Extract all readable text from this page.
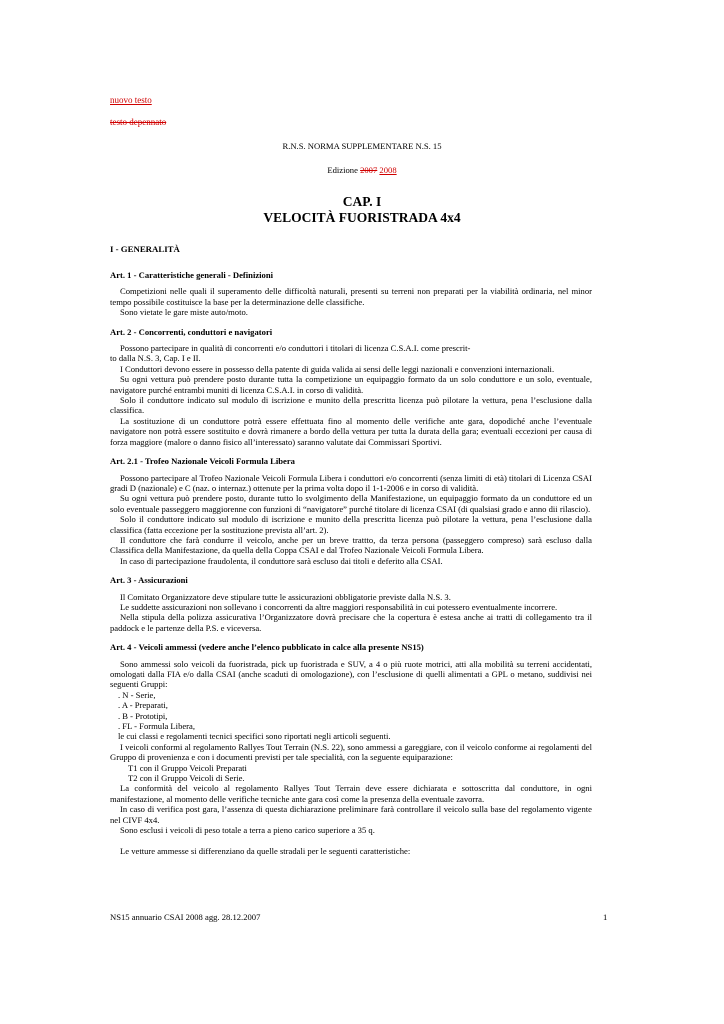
nuovo testo
testo depennato
R.N.S. NORMA SUPPLEMENTARE N.S. 15
Edizione 2007 2008
CAP. I
VELOCITÀ FUORISTRADA 4x4
I - GENERALITÀ

Art. 1 - Caratteristiche generali - Definizioni

Competizioni nelle quali il superamento delle difficoltà naturali, presenti su terreni non preparati per la viabilità ordinaria, nel minor tempo possibile costituisce la base per la determinazione delle classifiche.

Sono vietate le gare miste auto/moto.

Art. 2 - Concorrenti, conduttori e navigatori

Possono partecipare in qualità di concorrenti e/o conduttori i titolari di licenza C.S.A.I. come prescrit-

to dalla N.S. 3, Cap. I e II.

I Conduttori devono essere in possesso della patente di guida valida ai sensi delle leggi nazionali e convenzioni internazionali.

Su ogni vettura può prendere posto durante tutta la competizione un equipaggio formato da un solo conduttore e un solo, eventuale, navigatore purché entrambi muniti di licenza C.S.A.I. in corso di validità.

Solo il conduttore indicato sul modulo di iscrizione e munito della prescritta licenza può pilotare la vettura, pena l’esclusione dalla classifica.

La sostituzione di un conduttore potrà essere effettuata fino al momento delle verifiche ante gara, dopodiché anche l’eventuale navigatore non potrà essere sostituito e dovrà rimanere a bordo della vettura per tutta la durata della gara; eventuali eccezioni per causa di forza maggiore (malore o danno fisico all’interessato) saranno valutate dai Commissari Sportivi.

Art. 2.1 - Trofeo Nazionale Veicoli Formula Libera

Possono partecipare al Trofeo Nazionale Veicoli Formula Libera i conduttori e/o concorrenti (senza limiti di età) titolari di Licenza CSAI gradi D (nazionale) e C (naz. o internaz.) ottenute per la prima volta dopo il 1-1-2006 e in corso di validità.

Su ogni vettura può prendere posto, durante tutto lo svolgimento della Manifestazione, un equipaggio formato da un conduttore ed un solo eventuale passeggero maggiorenne con funzioni di “navigatore” purché titolare di licenza CSAI (di qualsiasi grado e anno dii rilascio).

Solo il conduttore indicato sul modulo di iscrizione e munito della prescritta licenza può pilotare la vettura, pena l’esclusione dalla classifica (fatta eccezione per la sostituzione prevista all’art. 2).

Il conduttore che farà condurre il veicolo, anche per un breve trattto, da terza persona (passeggero compreso) sarà escluso dalla Classifica della Manifestazione, da quella della Coppa CSAI e dal Trofeo Nazionale Veicoli Formula Libera.

In caso di partecipazione fraudolenta, il conduttore sarà escluso dai titoli e deferito alla CSAI.

Art. 3 - Assicurazioni

Il Comitato Organizzatore deve stipulare tutte le assicurazioni obbligatorie previste dalla N.S. 3.

Le suddette assicurazioni non sollevano i concorrenti da altre maggiori responsabilità in cui potessero eventualmente incorrere.

Nella stipula della polizza assicurativa l’Organizzatore dovrà precisare che la copertura è estesa anche ai tratti di collegamento tra il paddock e le partenze della P.S. e viceversa.

Art. 4 - Veicoli ammessi (vedere anche l’elenco pubblicato in calce alla presente NS15)

Sono ammessi solo veicoli da fuoristrada, pick up fuoristrada e SUV, a 4 o più ruote motrici, atti alla mobilità su terreni accidentati, omologati dalla FIA e/o dalla CSAI (anche scaduti di omologazione), con l’esclusione di quelli alimentati a GPL o metano, suddivisi nei seguenti Gruppi:

. N - Serie,

. A - Preparati,

. B - Prototipi,

. FL - Formula Libera,

le cui classi e regolamenti tecnici specifici sono riportati negli articoli seguenti.

I veicoli conformi al regolamento Rallyes Tout Terrain (N.S. 22), sono ammessi a gareggiare, con il veicolo conforme ai regolamenti del Gruppo di provenienza e con i documenti previsti per tale specialità, con la seguente equiparazione:

T1 con il Gruppo Veicoli Preparati

T2 con il Gruppo Veicoli di Serie.

La conformità del veicolo al regolamento Rallyes Tout Terrain deve essere dichiarata e sottoscritta dal conduttore, in ogni manifestazione, al momento delle verifiche tecniche ante gara così come la presenza della eventuale zavorra.

In caso di verifica post gara, l’assenza di questa dichiarazione preliminare farà controllare il veicolo sulla base del regolamento vigente nel CIVF 4x4.

Sono esclusi i veicoli di peso totale a terra a pieno carico superiore a 35 q.

Le vetture ammesse si differenziano da quelle stradali per le seguenti caratteristiche:

NS15 annuario CSAI 2008 agg. 28.12.2007	1
